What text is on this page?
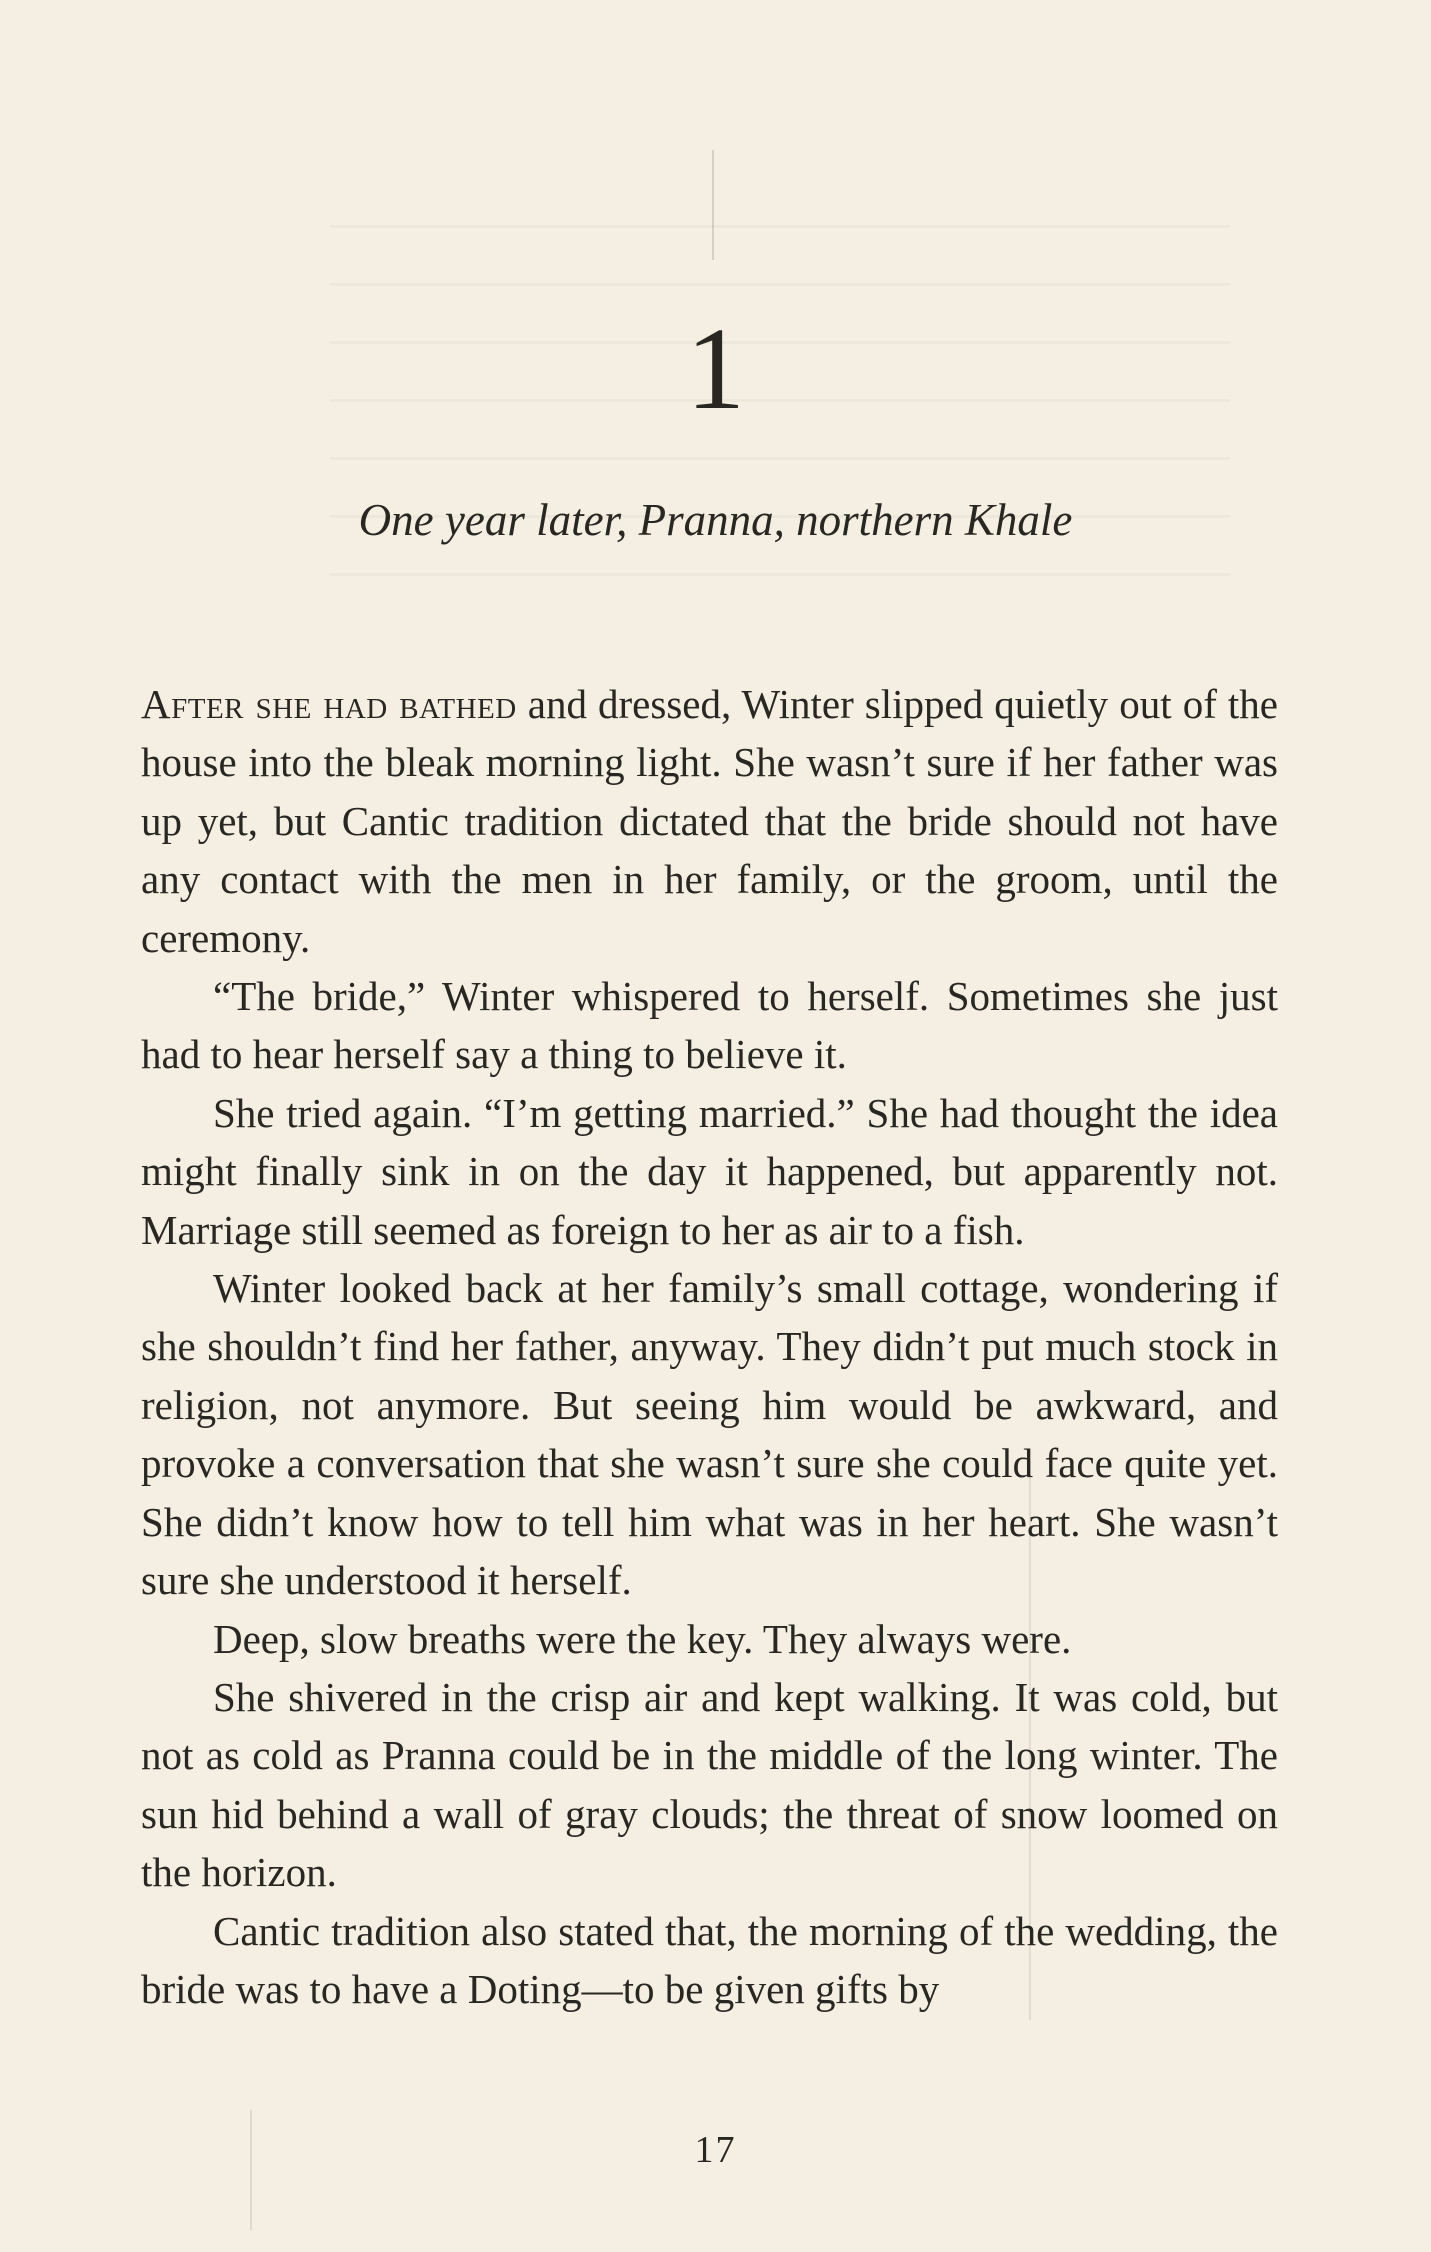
1
One year later, Pranna, northern Khale

After she had bathed and dressed, Winter slipped quietly out of the house into the bleak morning light. She wasn’t sure if her father was up yet, but Cantic tradition dictated that the bride should not have any contact with the men in her family, or the groom, until the ceremony.

“The bride,” Winter whispered to herself. Sometimes she just had to hear herself say a thing to believe it.

She tried again. “I’m getting married.” She had thought the idea might finally sink in on the day it happened, but apparently not. Marriage still seemed as foreign to her as air to a fish.

Winter looked back at her family’s small cottage, wondering if she shouldn’t find her father, anyway. They didn’t put much stock in religion, not anymore. But seeing him would be awkward, and provoke a conversation that she wasn’t sure she could face quite yet. She didn’t know how to tell him what was in her heart. She wasn’t sure she understood it herself.

Deep, slow breaths were the key. They always were.

She shivered in the crisp air and kept walking. It was cold, but not as cold as Pranna could be in the middle of the long winter. The sun hid behind a wall of gray clouds; the threat of snow loomed on the horizon.

Cantic tradition also stated that, the morning of the wedding, the bride was to have a Doting—to be given gifts by

17
